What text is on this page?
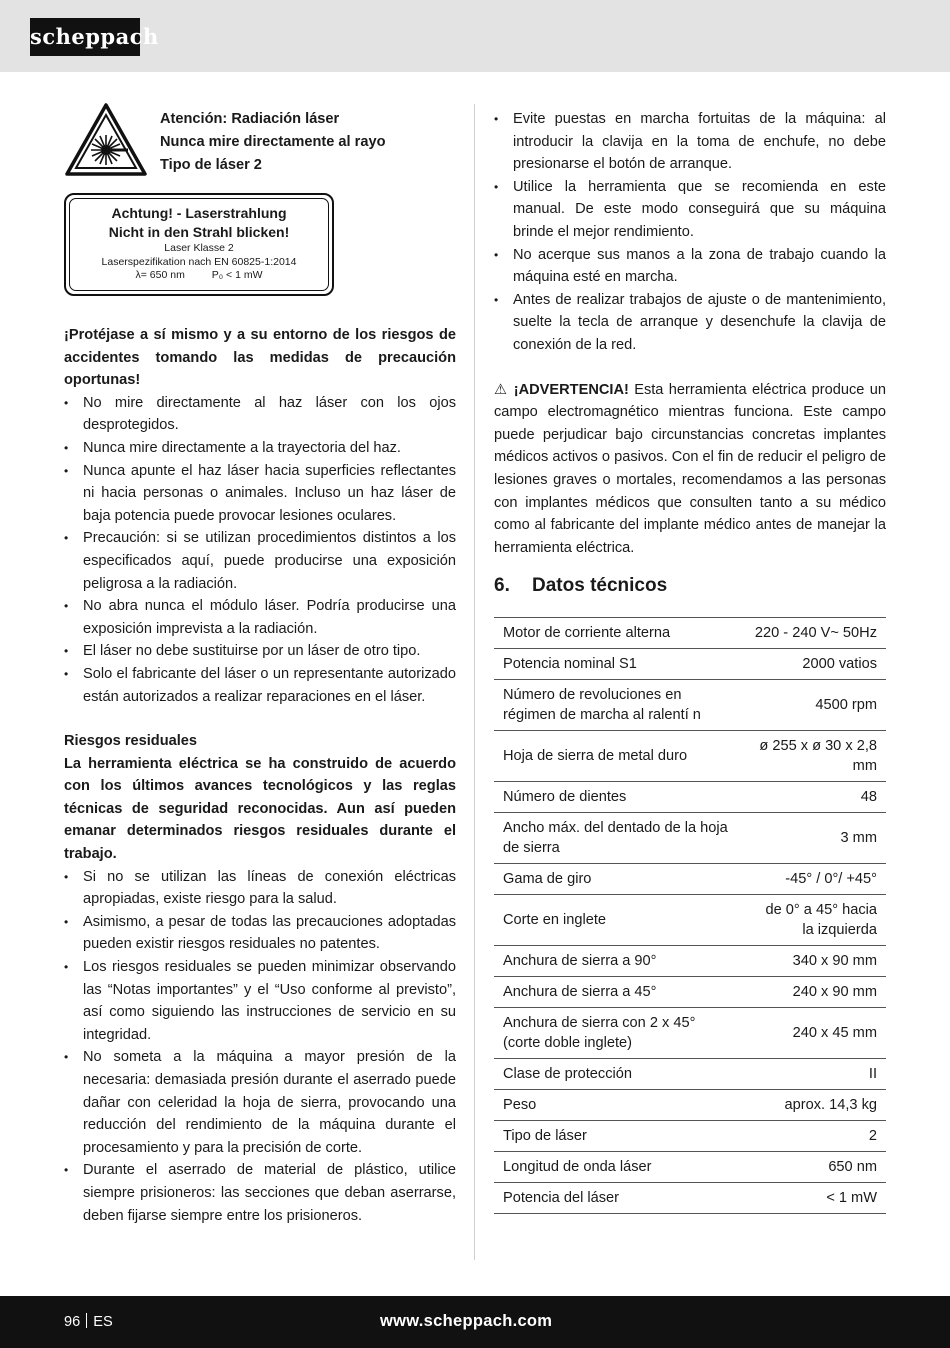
scheppach
Atención: Radiación láser
Nunca mire directamente al rayo
Tipo de láser 2
Achtung! - Laserstrahlung
Nicht in den Strahl blicken!
Laser Klasse 2
Laserspezifikation nach EN 60825-1:2014
λ= 650 nm	P₀ < 1 mW

¡Protéjase a sí mismo y a su entorno de los riesgos de accidentes tomando las medidas de precaución oportunas!

• No mire directamente al haz láser con los ojos desprotegidos.
• Nunca mire directamente a la trayectoria del haz.
• Nunca apunte el haz láser hacia superficies reflectantes ni hacia personas o animales. Incluso un haz láser de baja potencia puede provocar lesiones oculares.
• Precaución: si se utilizan procedimientos distintos a los especificados aquí, puede producirse una exposición peligrosa a la radiación.
• No abra nunca el módulo láser. Podría producirse una exposición imprevista a la radiación.
• El láser no debe sustituirse por un láser de otro tipo.
• Solo el fabricante del láser o un representante autorizado están autorizados a realizar reparaciones en el láser.

Riesgos residuales

La herramienta eléctrica se ha construido de acuerdo con los últimos avances tecnológicos y las reglas técnicas de seguridad reconocidas. Aun así pueden emanar determinados riesgos residuales durante el trabajo.

• Si no se utilizan las líneas de conexión eléctricas apropiadas, existe riesgo para la salud.
• Asimismo, a pesar de todas las precauciones adoptadas pueden existir riesgos residuales no patentes.
• Los riesgos residuales se pueden minimizar observando las “Notas importantes” y el “Uso conforme al previsto”, así como siguiendo las instrucciones de servicio en su integridad.
• No someta a la máquina a mayor presión de la necesaria: demasiada presión durante el aserrado puede dañar con celeridad la hoja de sierra, provocando una reducción del rendimiento de la máquina durante el procesamiento y para la precisión de corte.
• Durante el aserrado de material de plástico, utilice siempre prisioneros: las secciones que deban aserrarse, deben fijarse siempre entre los prisioneros.
• Evite puestas en marcha fortuitas de la máquina: al introducir la clavija en la toma de enchufe, no debe presionarse el botón de arranque.
• Utilice la herramienta que se recomienda en este manual. De este modo conseguirá que su máquina brinde el mejor rendimiento.
• No acerque sus manos a la zona de trabajo cuando la máquina esté en marcha.
• Antes de realizar trabajos de ajuste o de mantenimiento, suelte la tecla de arranque y desenchufe la clavija de conexión de la red.

⚠ ¡ADVERTENCIA! Esta herramienta eléctrica produce un campo electromagnético mientras funciona. Este campo puede perjudicar bajo circunstancias concretas implantes médicos activos o pasivos. Con el fin de reducir el peligro de lesiones graves o mortales, recomendamos a las personas con implantes médicos que consulten tanto a su médico como al fabricante del implante médico antes de manejar la herramienta eléctrica.

6. Datos técnicos
Motor de corriente alterna	220 - 240 V~ 50Hz
Potencia nominal S1	2000 vatios
Número de revoluciones en régimen de marcha al ralentí n	4500 rpm
Hoja de sierra de metal duro	ø 255 x ø 30 x 2,8 mm
Número de dientes	48
Ancho máx. del dentado de la hoja de sierra	3 mm
Gama de giro	-45° / 0°/ +45°
Corte en inglete	de 0° a 45° hacia la izquierda
Anchura de sierra a 90°	340 x 90 mm
Anchura de sierra a 45°	240 x 90 mm
Anchura de sierra con 2 x 45° (corte doble inglete)	240 x 45 mm
Clase de protección	II
Peso	aprox. 14,3 kg
Tipo de láser	2
Longitud de onda láser	650 nm
Potencia del láser	< 1 mW
96 ES	www.scheppach.com
